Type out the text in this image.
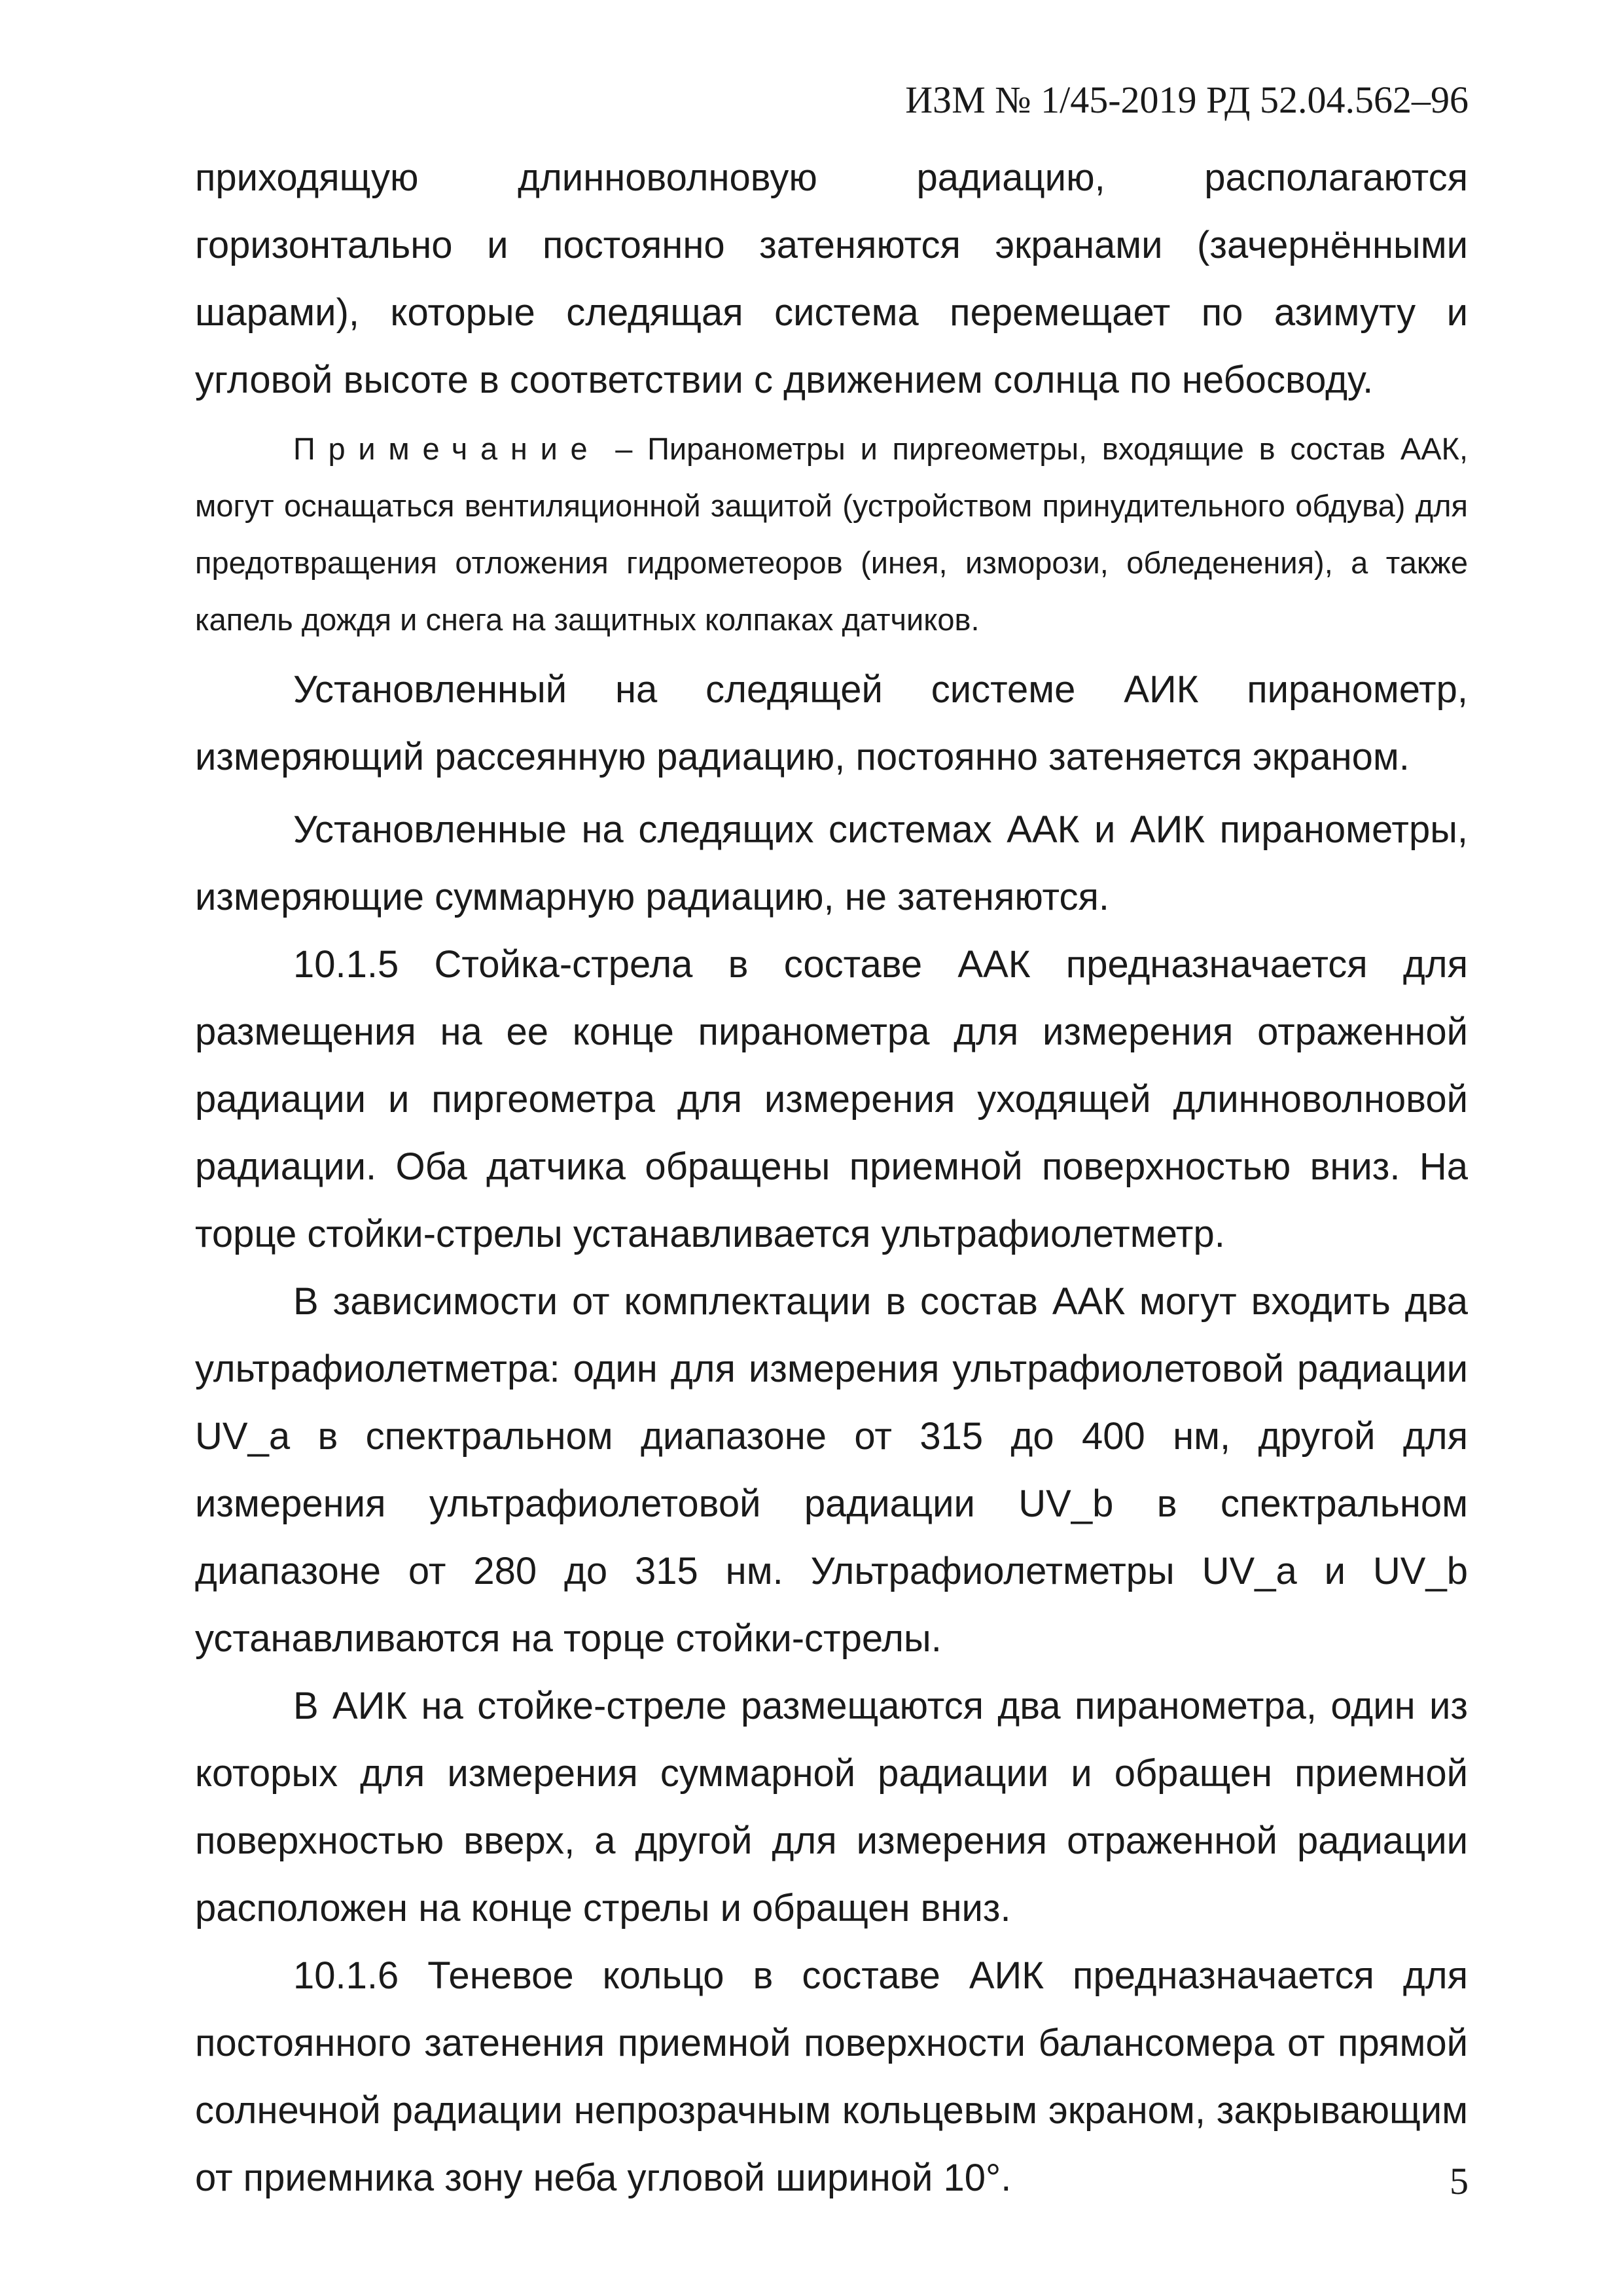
ИЗМ № 1/45-2019 РД 52.04.562–96

приходящую длинноволновую радиацию, располагаются горизонтально и постоянно затеняются экранами (зачернёнными шарами), которые следящая система перемещает по азимуту и угловой высоте в соответствии с движением солнца по небосводу.

Примечание – Пиранометры и пиргеометры, входящие в состав ААК, могут оснащаться вентиляционной защитой (устройством принудительного обдува) для предотвращения отложения гидрометеоров (инея, изморози, обледенения), а также капель дождя и снега на защитных колпаках датчиков.

Установленный на следящей системе АИК пиранометр, измеряющий рассеянную радиацию, постоянно затеняется экраном.

Установленные на следящих системах ААК и АИК пиранометры, измеряющие суммарную радиацию, не затеняются.

10.1.5 Стойка-стрела в составе ААК предназначается для размещения на ее конце пиранометра для измерения отраженной радиации и пиргеометра для измерения уходящей длинноволновой радиации. Оба датчика обращены приемной поверхностью вниз. На торце стойки-стрелы устанавливается ультрафиолетметр.

В зависимости от комплектации в состав ААК могут входить два ультрафиолетметра: один для измерения ультрафиолетовой радиации UV_a в спектральном диапазоне от 315 до 400 нм, другой для измерения ультрафиолетовой радиации UV_b в спектральном диапазоне от 280 до 315 нм. Ультрафиолетметры UV_a и UV_b устанавливаются на торце стойки-стрелы.

В АИК на стойке-стреле размещаются два пиранометра, один из которых для измерения суммарной радиации и обращен приемной поверхностью вверх, а другой для измерения отраженной радиации расположен на конце стрелы и обращен вниз.

10.1.6 Теневое кольцо в составе АИК предназначается для постоянного затенения приемной поверхности балансомера от прямой солнечной радиации непрозрачным кольцевым экраном, закрывающим от приемника зону неба угловой шириной 10°.	5
